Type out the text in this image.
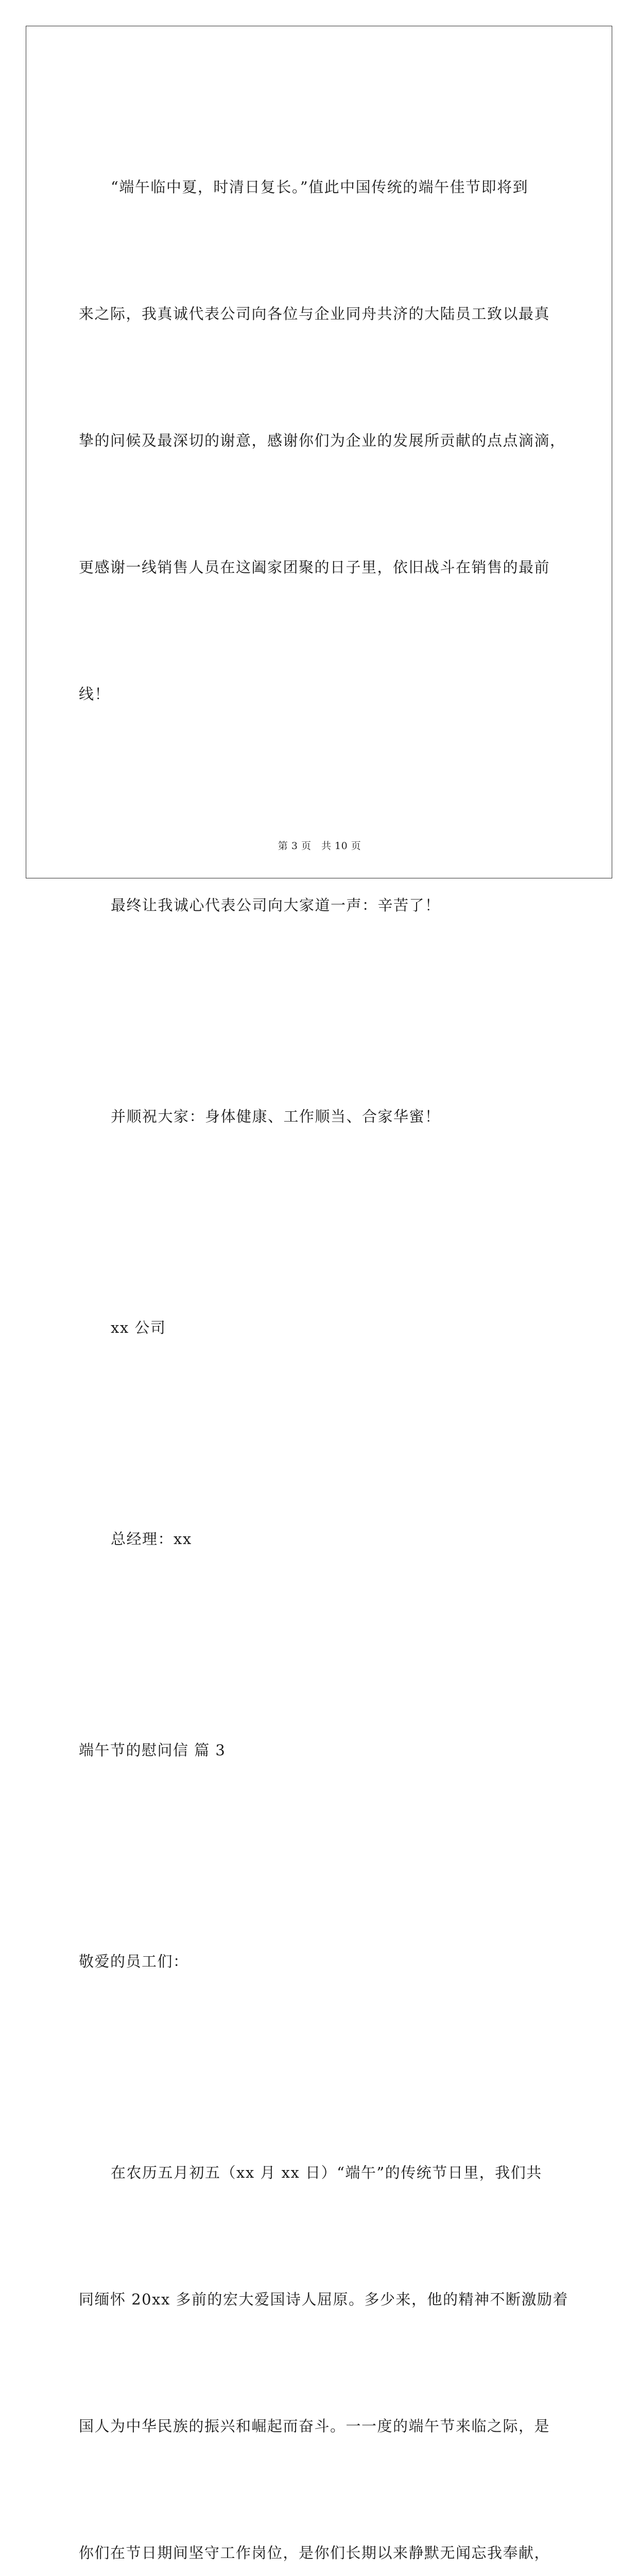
“端午临中夏，时清日复长。”值此中国传统的端午佳节即将到

来之际，我真诚代表公司向各位与企业同舟共济的大陆员工致以最真

挚的问候及最深切的谢意，感谢你们为企业的发展所贡献的点点滴滴，

更感谢一线销售人员在这阖家团聚的日子里，依旧战斗在销售的最前

线！

最终让我诚心代表公司向大家道一声：辛苦了！

并顺祝大家：身体健康、工作顺当、合家华蜜！

xx 公司

总经理：xx

端午节的慰问信 篇 3

敬爱的员工们：

在农历五月初五（xx 月 xx 日）“端午”的传统节日里，我们共

同缅怀 20xx 多前的宏大爱国诗人屈原。多少来，他的精神不断激励着

国人为中华民族的振兴和崛起而奋斗。一一度的端午节来临之际，是

你们在节日期间坚守工作岗位，是你们长期以来静默无闻忘我奉献，

第 3 页　共 10 页
